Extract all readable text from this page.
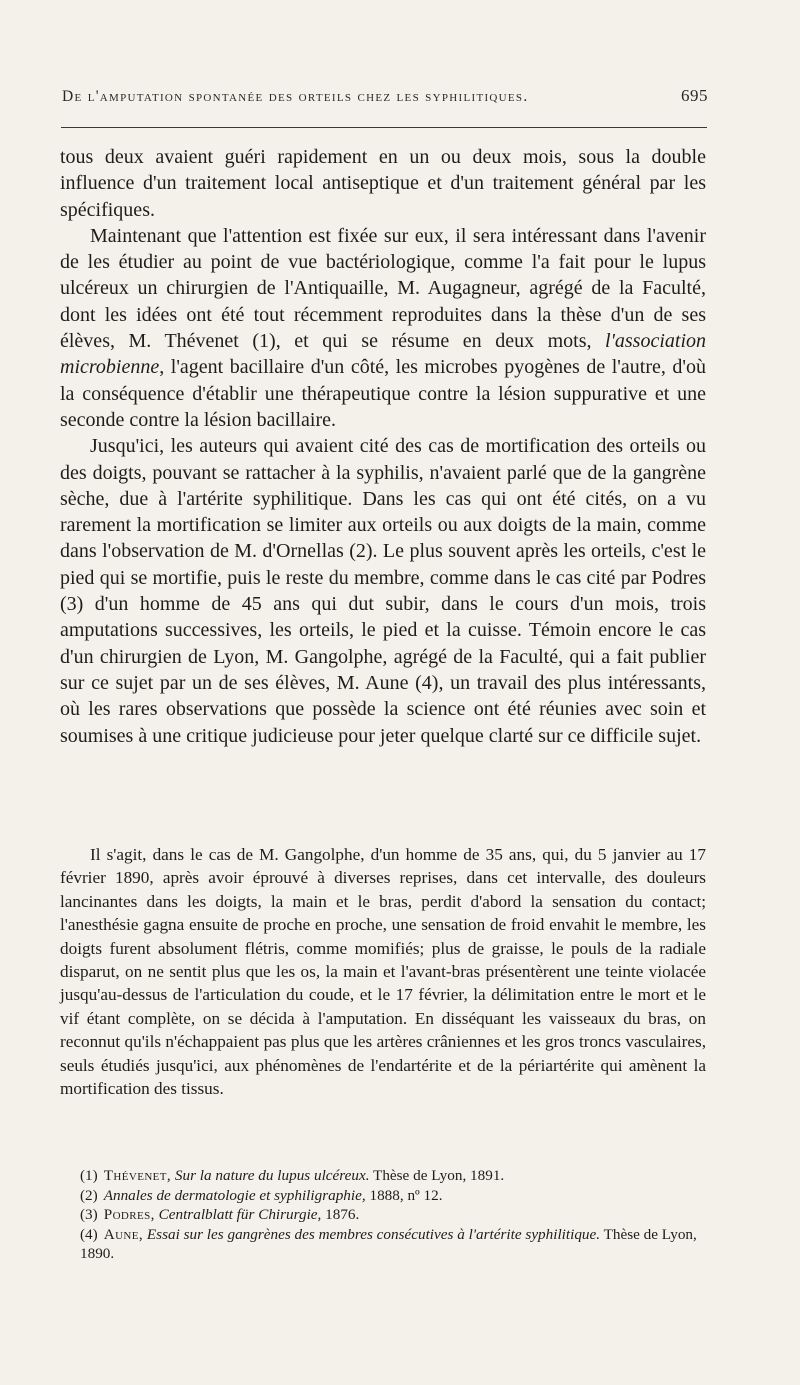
De l'amputation spontanée des orteils chez les syphilitiques.	695

tous deux avaient guéri rapidement en un ou deux mois, sous la double influence d'un traitement local antiseptique et d'un traitement général par les spécifiques.

Maintenant que l'attention est fixée sur eux, il sera intéressant dans l'avenir de les étudier au point de vue bactériologique, comme l'a fait pour le lupus ulcéreux un chirurgien de l'Antiquaille, M. Augagneur, agrégé de la Faculté, dont les idées ont été tout récemment reproduites dans la thèse d'un de ses élèves, M. Thévenet (1), et qui se résume en deux mots, l'association microbienne, l'agent bacillaire d'un côté, les microbes pyogènes de l'autre, d'où la conséquence d'établir une thérapeutique contre la lésion suppurative et une seconde contre la lésion bacillaire.

Jusqu'ici, les auteurs qui avaient cité des cas de mortification des orteils ou des doigts, pouvant se rattacher à la syphilis, n'avaient parlé que de la gangrène sèche, due à l'artérite syphilitique. Dans les cas qui ont été cités, on a vu rarement la mortification se limiter aux orteils ou aux doigts de la main, comme dans l'observation de M. d'Ornellas (2). Le plus souvent après les orteils, c'est le pied qui se mortifie, puis le reste du membre, comme dans le cas cité par Podres (3) d'un homme de 45 ans qui dut subir, dans le cours d'un mois, trois amputations successives, les orteils, le pied et la cuisse. Témoin encore le cas d'un chirurgien de Lyon, M. Gangolphe, agrégé de la Faculté, qui a fait publier sur ce sujet par un de ses élèves, M. Aune (4), un travail des plus intéressants, où les rares observations que possède la science ont été réunies avec soin et soumises à une critique judicieuse pour jeter quelque clarté sur ce difficile sujet.

Il s'agit, dans le cas de M. Gangolphe, d'un homme de 35 ans, qui, du 5 janvier au 17 février 1890, après avoir éprouvé à diverses reprises, dans cet intervalle, des douleurs lancinantes dans les doigts, la main et le bras, perdit d'abord la sensation du contact; l'anesthésie gagna ensuite de proche en proche, une sensation de froid envahit le membre, les doigts furent absolument flétris, comme momifiés; plus de graisse, le pouls de la radiale disparut, on ne sentit plus que les os, la main et l'avant-bras présentèrent une teinte violacée jusqu'au-dessus de l'articulation du coude, et le 17 février, la délimitation entre le mort et le vif étant complète, on se décida à l'amputation. En disséquant les vaisseaux du bras, on reconnut qu'ils n'échappaient pas plus que les artères crâniennes et les gros troncs vasculaires, seuls étudiés jusqu'ici, aux phénomènes de l'endartérite et de la périartérite qui amènent la mortification des tissus.

(1) Thévenet, Sur la nature du lupus ulcéreux. Thèse de Lyon, 1891.

(2) Annales de dermatologie et syphiligraphie, 1888, nº 12.

(3) Podres, Centralblatt für Chirurgie, 1876.

(4) Aune, Essai sur les gangrènes des membres consécutives à l'artérite syphilitique. Thèse de Lyon, 1890.
